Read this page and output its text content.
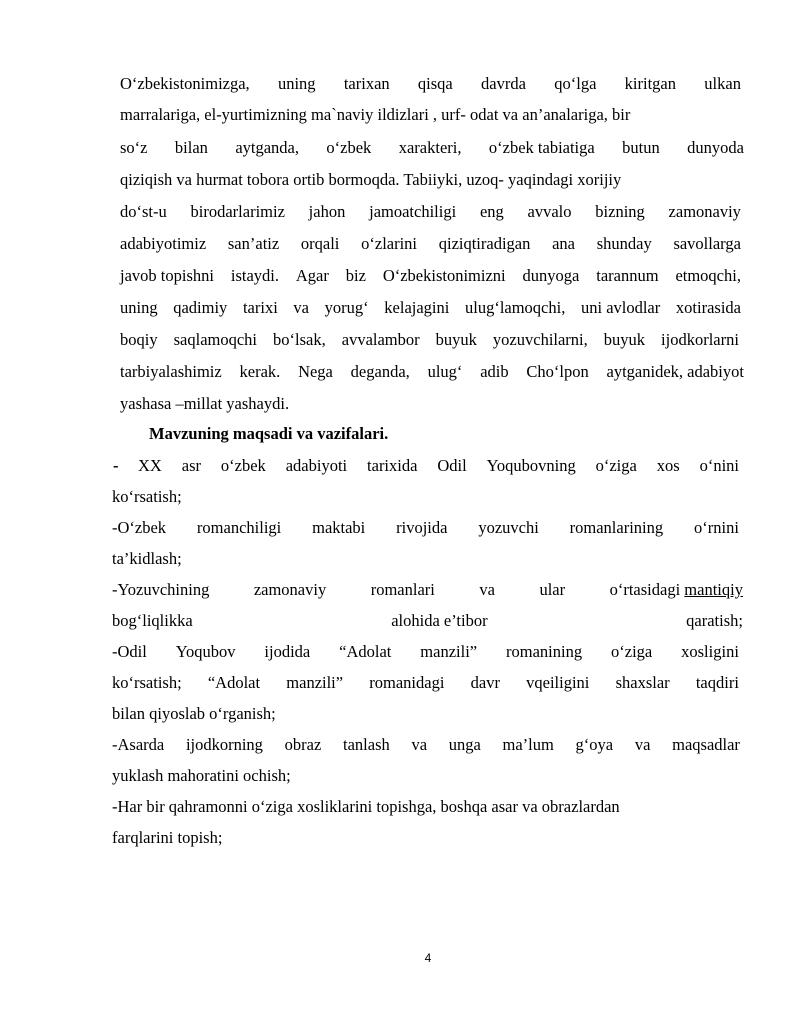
O‘zbekistonimizga, uning tarixan qisqa davrda qo‘lga kiritgan ulkan
marralariga, el-yurtimizning ma`naviy ildizlari , urf- odat va an’analariga, bir
so‘z bilan aytganda, o‘zbek xarakteri, o‘zbek tabiatiga butun dunyoda
qiziqish va hurmat tobora ortib bormoqda. Tabiiyki, uzoq- yaqindagi xorijiy
do‘st-u birodarlarimiz jahon jamoatchiligi eng avvalo bizning zamonaviy
adabiyotimiz san’atiz orqali o‘zlarini qiziqtiradigan ana shunday savollarga
javob topishni istaydi. Agar biz O‘zbekistonimizni dunyoga tarannum etmoqchi,
uning qadimiy tarixi va yorug‘ kelajagini ulug‘lamoqchi, uni avlodlar xotirasida
boqiy saqlamoqchi bo‘lsak, avvalambor buyuk yozuvchilarni, buyuk ijodkorlarni
tarbiyalashimiz kerak. Nega deganda, ulug‘ adib Cho‘lpon aytganidek, adabiyot
yashasa –millat yashaydi.
Mavzuning maqsadi va vazifalari.
- XX asr o‘zbek adabiyoti tarixida Odil Yoqubovning o‘ziga xos o‘nini
ko‘rsatish;
-O‘zbek romanchiligi maktabi rivojida yozuvchi romanlarining o‘rnini
ta’kidlash;
-Yozuvchining	zamonaviy	romanlari	va	ular	o‘rtasidagi mantiqiy
bog‘liqlikka	alohida e’tibor	qaratish;
-Odil Yoqubov ijodida “Adolat manzili” romanining o‘ziga xosligini
ko‘rsatish; “Adolat manzili” romanidagi davr vqeiligini shaxslar taqdiri
bilan qiyoslab o‘rganish;
-Asarda ijodkorning obraz tanlash va unga ma’lum g‘oya va maqsadlar
yuklash mahoratini ochish;
-Har bir qahramonni o‘ziga xosliklarini topishga, boshqa asar va obrazlardan
farqlarini topish;
4
